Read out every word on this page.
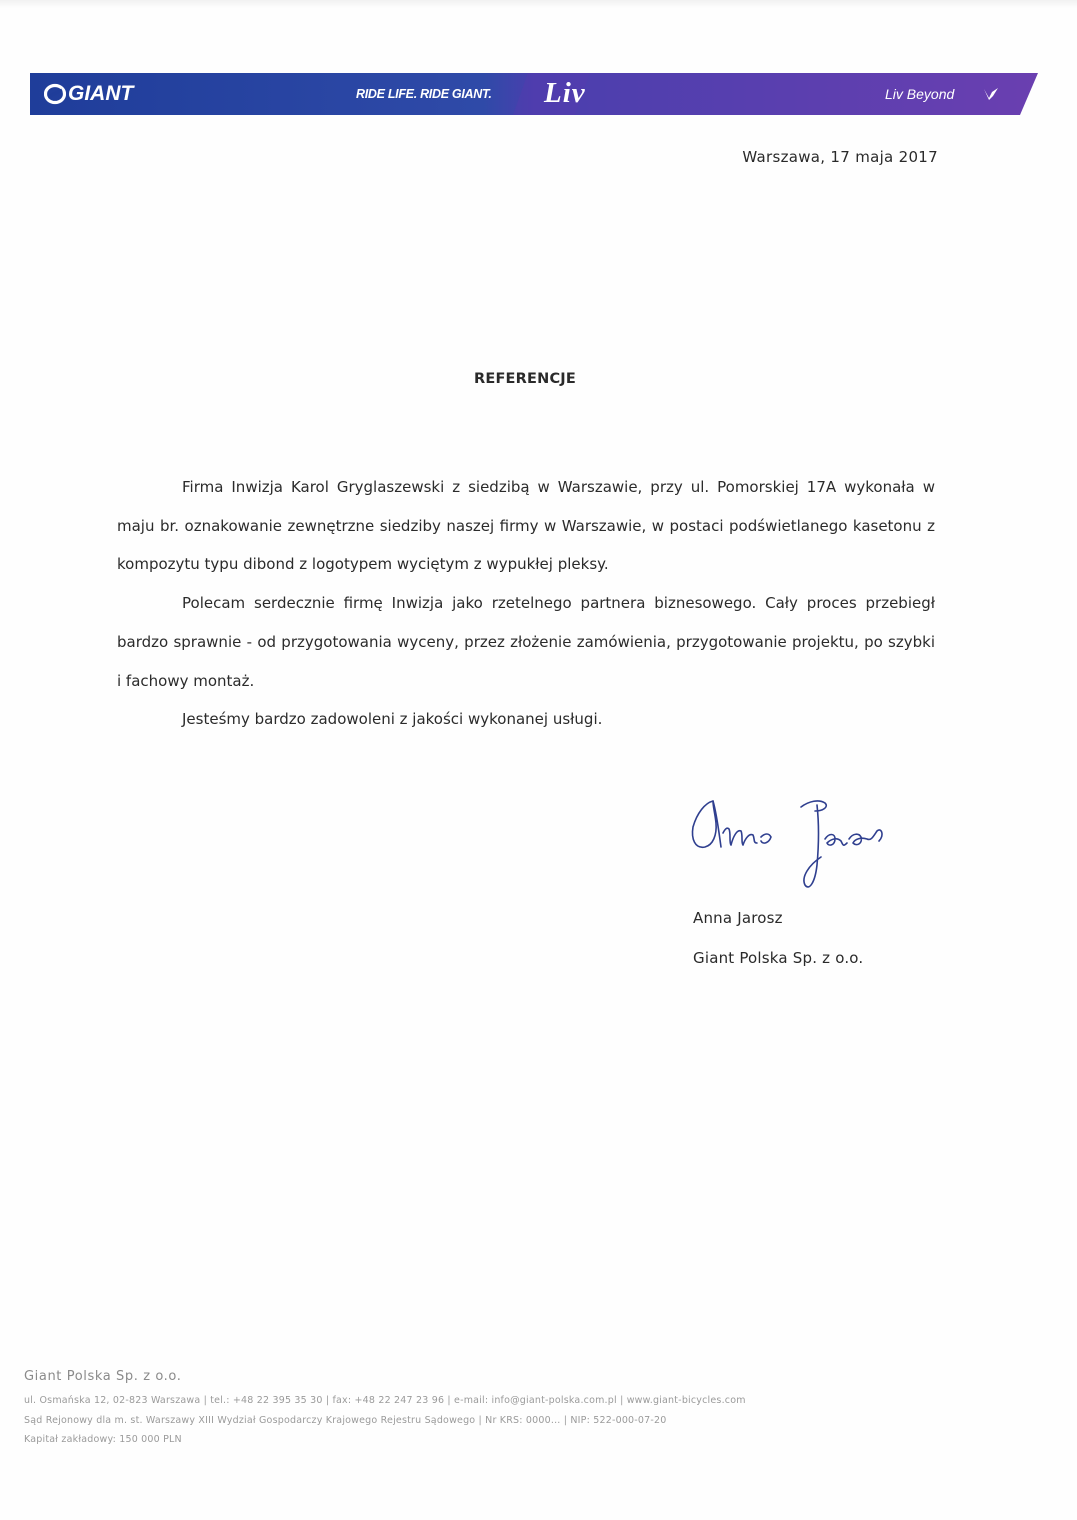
GIANT	RIDE LIFE. RIDE GIANT. Liv	Liv Beyond
Warszawa, 17 maja 2017
REFERENCJE

Firma Inwizja Karol Gryglaszewski z siedzibą w Warszawie, przy ul. Pomorskiej 17A wykonała w maju br. oznakowanie zewnętrzne siedziby naszej firmy w Warszawie, w postaci podświetlanego kasetonu z kompozytu typu dibond z logotypem wyciętym z wypukłej pleksy.

Polecam serdecznie firmę Inwizja jako rzetelnego partnera biznesowego. Cały proces przebiegł bardzo sprawnie - od przygotowania wyceny, przez złożenie zamówienia, przygotowanie projektu, po szybki i fachowy montaż.

Jesteśmy bardzo zadowoleni z jakości wykonanej usługi.

Anna Jarosz
Giant Polska Sp. z o.o.
Giant Polska Sp. z o.o.
ul. Osmańska 12, 02-823 Warszawa | tel.: +48 22 395 35 30 | fax: +48 22 247 23 96 | e-mail: info@giant-polska.com.pl | www.giant-bicycles.com
Sąd Rejonowy dla m. st. Warszawy XIII Wydział Gospodarczy Krajowego Rejestru Sądowego | Nr KRS: 0000... | NIP: 522-000-07-20
Kapitał zakładowy: 150 000 PLN
